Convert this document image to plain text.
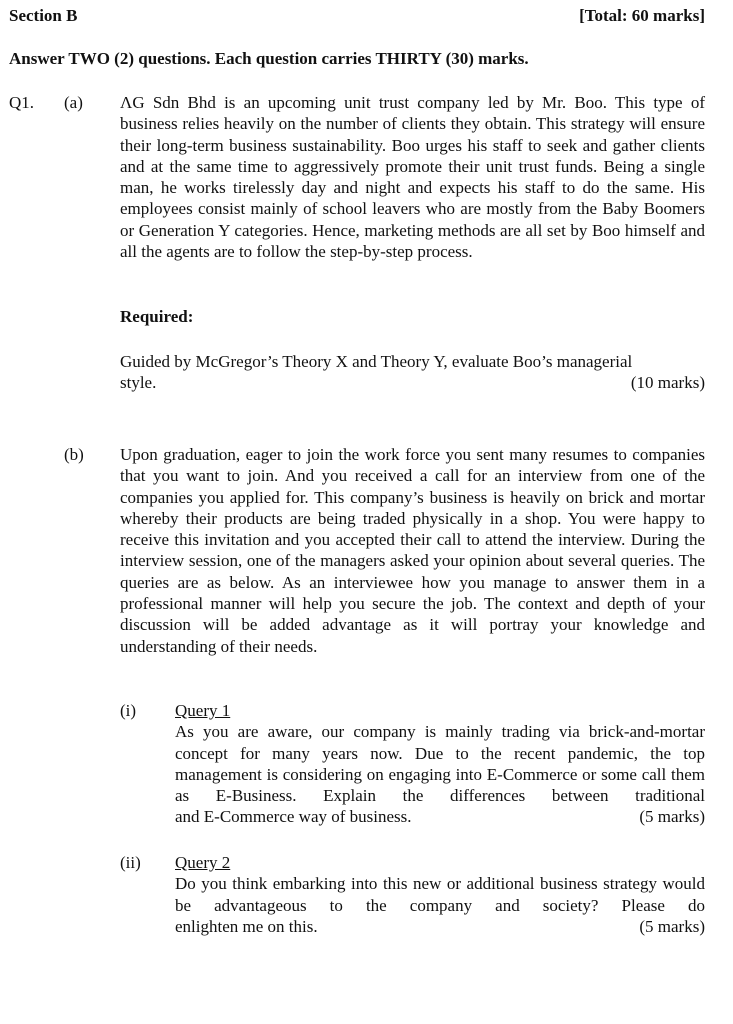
Section B	[Total: 60 marks]
Answer TWO (2) questions. Each question carries THIRTY (30) marks.
Q1. (a) ΛG Sdn Bhd is an upcoming unit trust company led by Mr. Boo. This type of business relies heavily on the number of clients they obtain. This strategy will ensure their long-term business sustainability. Boo urges his staff to seek and gather clients and at the same time to aggressively promote their unit trust funds. Being a single man, he works tirelessly day and night and expects his staff to do the same. His employees consist mainly of school leavers who are mostly from the Baby Boomers or Generation Y categories. Hence, marketing methods are all set by Boo himself and all the agents are to follow the step-by-step process.
Required:
Guided by McGregor’s Theory X and Theory Y, evaluate Boo’s managerial
style.	(10 marks)
(b) Upon graduation, eager to join the work force you sent many resumes to companies that you want to join. And you received a call for an interview from one of the companies you applied for. This company’s business is heavily on brick and mortar whereby their products are being traded physically in a shop. You were happy to receive this invitation and you accepted their call to attend the interview. During the interview session, one of the managers asked your opinion about several queries. The queries are as below. As an interviewee how you manage to answer them in a professional manner will help you secure the job. The context and depth of your discussion will be added advantage as it will portray your knowledge and understanding of their needs.
(i) Query 1
As you are aware, our company is mainly trading via brick-and-mortar concept for many years now. Due to the recent pandemic, the top management is considering on engaging into E-Commerce or some call them as E-Business. Explain the differences between traditional
and E-Commerce way of business.	(5 marks)
(ii) Query 2
Do you think embarking into this new or additional business strategy would be advantageous to the company and society? Please do
enlighten me on this.	(5 marks)
